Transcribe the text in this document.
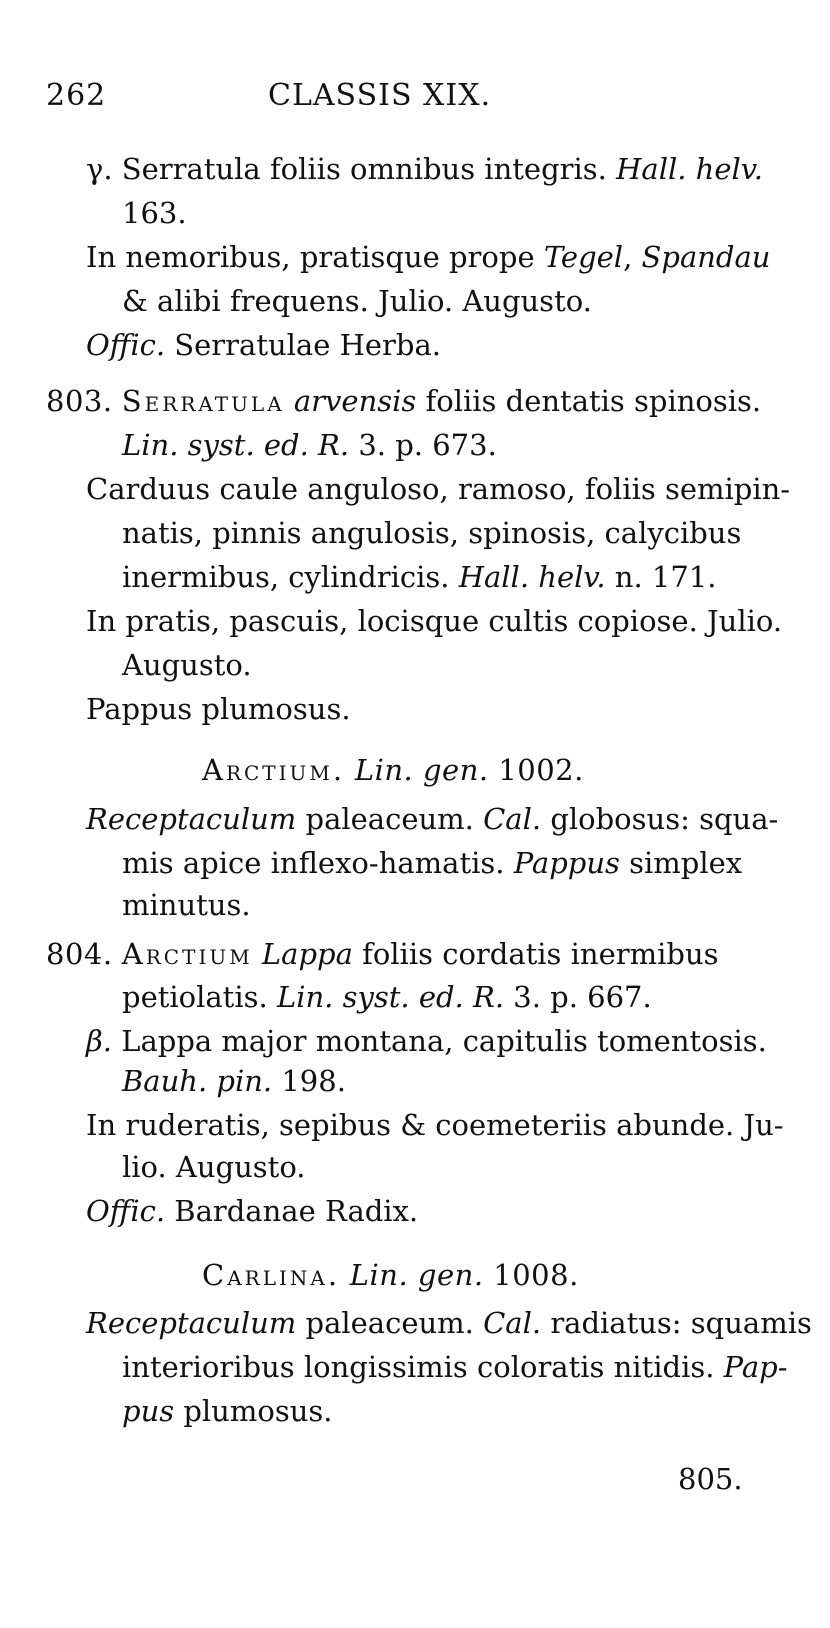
262	CLASSIS XIX.
γ. Serratula foliis omnibus integris. Hall. helv.
163.
In nemoribus, pratisque prope Tegel, Spandau
& alibi frequens. Julio. Augusto.
Offic. Serratulae Herba.
803. Serratula arvensis foliis dentatis spinosis.
Lin. syst. ed. R. 3. p. 673.
Carduus caule anguloso, ramoso, foliis semipin-
natis, pinnis angulosis, spinosis, calycibus
inermibus, cylindricis. Hall. helv. n. 171.
In pratis, pascuis, locisque cultis copiose. Julio.
Augusto.
Pappus plumosus.
Arctium. Lin. gen. 1002.
Receptaculum paleaceum. Cal. globosus: squa-
mis apice inflexo-hamatis. Pappus simplex
minutus.
804. Arctium Lappa foliis cordatis inermibus
petiolatis. Lin. syst. ed. R. 3. p. 667.
β. Lappa major montana, capitulis tomentosis.
Bauh. pin. 198.
In ruderatis, sepibus & coemeteriis abunde. Ju-
lio. Augusto.
Offic. Bardanae Radix.
Carlina. Lin. gen. 1008.
Receptaculum paleaceum. Cal. radiatus: squamis
interioribus longissimis coloratis nitidis. Pap-
pus plumosus.
805.
